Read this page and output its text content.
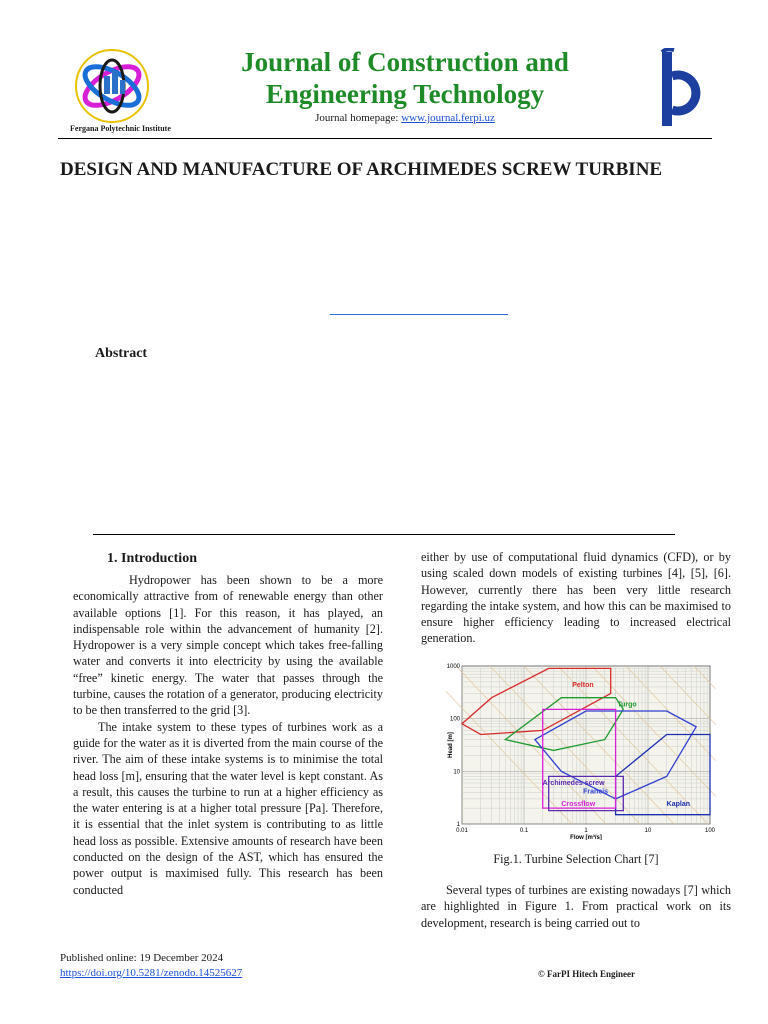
Fergana Polytechnic Institute
Journal of Construction and
Engineering Technology
Journal homepage: www.journal.ferpi.uz
DESIGN AND MANUFACTURE OF ARCHIMEDES SCREW TURBINE
Abstract

1. Introduction

Hydropower has been shown to be a more economically attractive from of renewable energy than other available options [1]. For this reason, it has played, an indispensable role within the advancement of humanity [2]. Hydropower is a very simple concept which takes free-falling water and converts it into electricity by using the available “free” kinetic energy. The water that passes through the turbine, causes the rotation of a generator, producing electricity to be then transferred to the grid [3].

The intake system to these types of turbines work as a guide for the water as it is diverted from the main course of the river. The aim of these intake systems is to minimise the total head loss [m], ensuring that the water level is kept constant. As a result, this causes the turbine to run at a higher efficiency as the water entering is at a higher total pressure [Pa]. Therefore, it is essential that the inlet system is contributing to as little head loss as possible. Extensive amounts of research have been conducted on the design of the AST, which has ensured the power output is maximised fully. This research has been conducted

either by use of computational fluid dynamics (CFD), or by using scaled down models of existing turbines [4], [5], [6]. However, currently there has been very little research regarding the intake system, and how this can be maximised to ensure higher efficiency leading to increased electrical generation.

Pelton
Turgo
Francis
Kaplan
Crossflow
Archimedes screw
0.01	0.1	1	10	100
1
10
100
1000
Flow [m³/s]
Head [m]
Fig.1. Turbine Selection Chart [7]

Several types of turbines are existing nowadays [7] which are highlighted in Figure 1. From practical work on its development, research is being carried out to

Published online: 19 December 2024
https://doi.org/10.5281/zenodo.14525627	© FarPI Hitech Engineer
